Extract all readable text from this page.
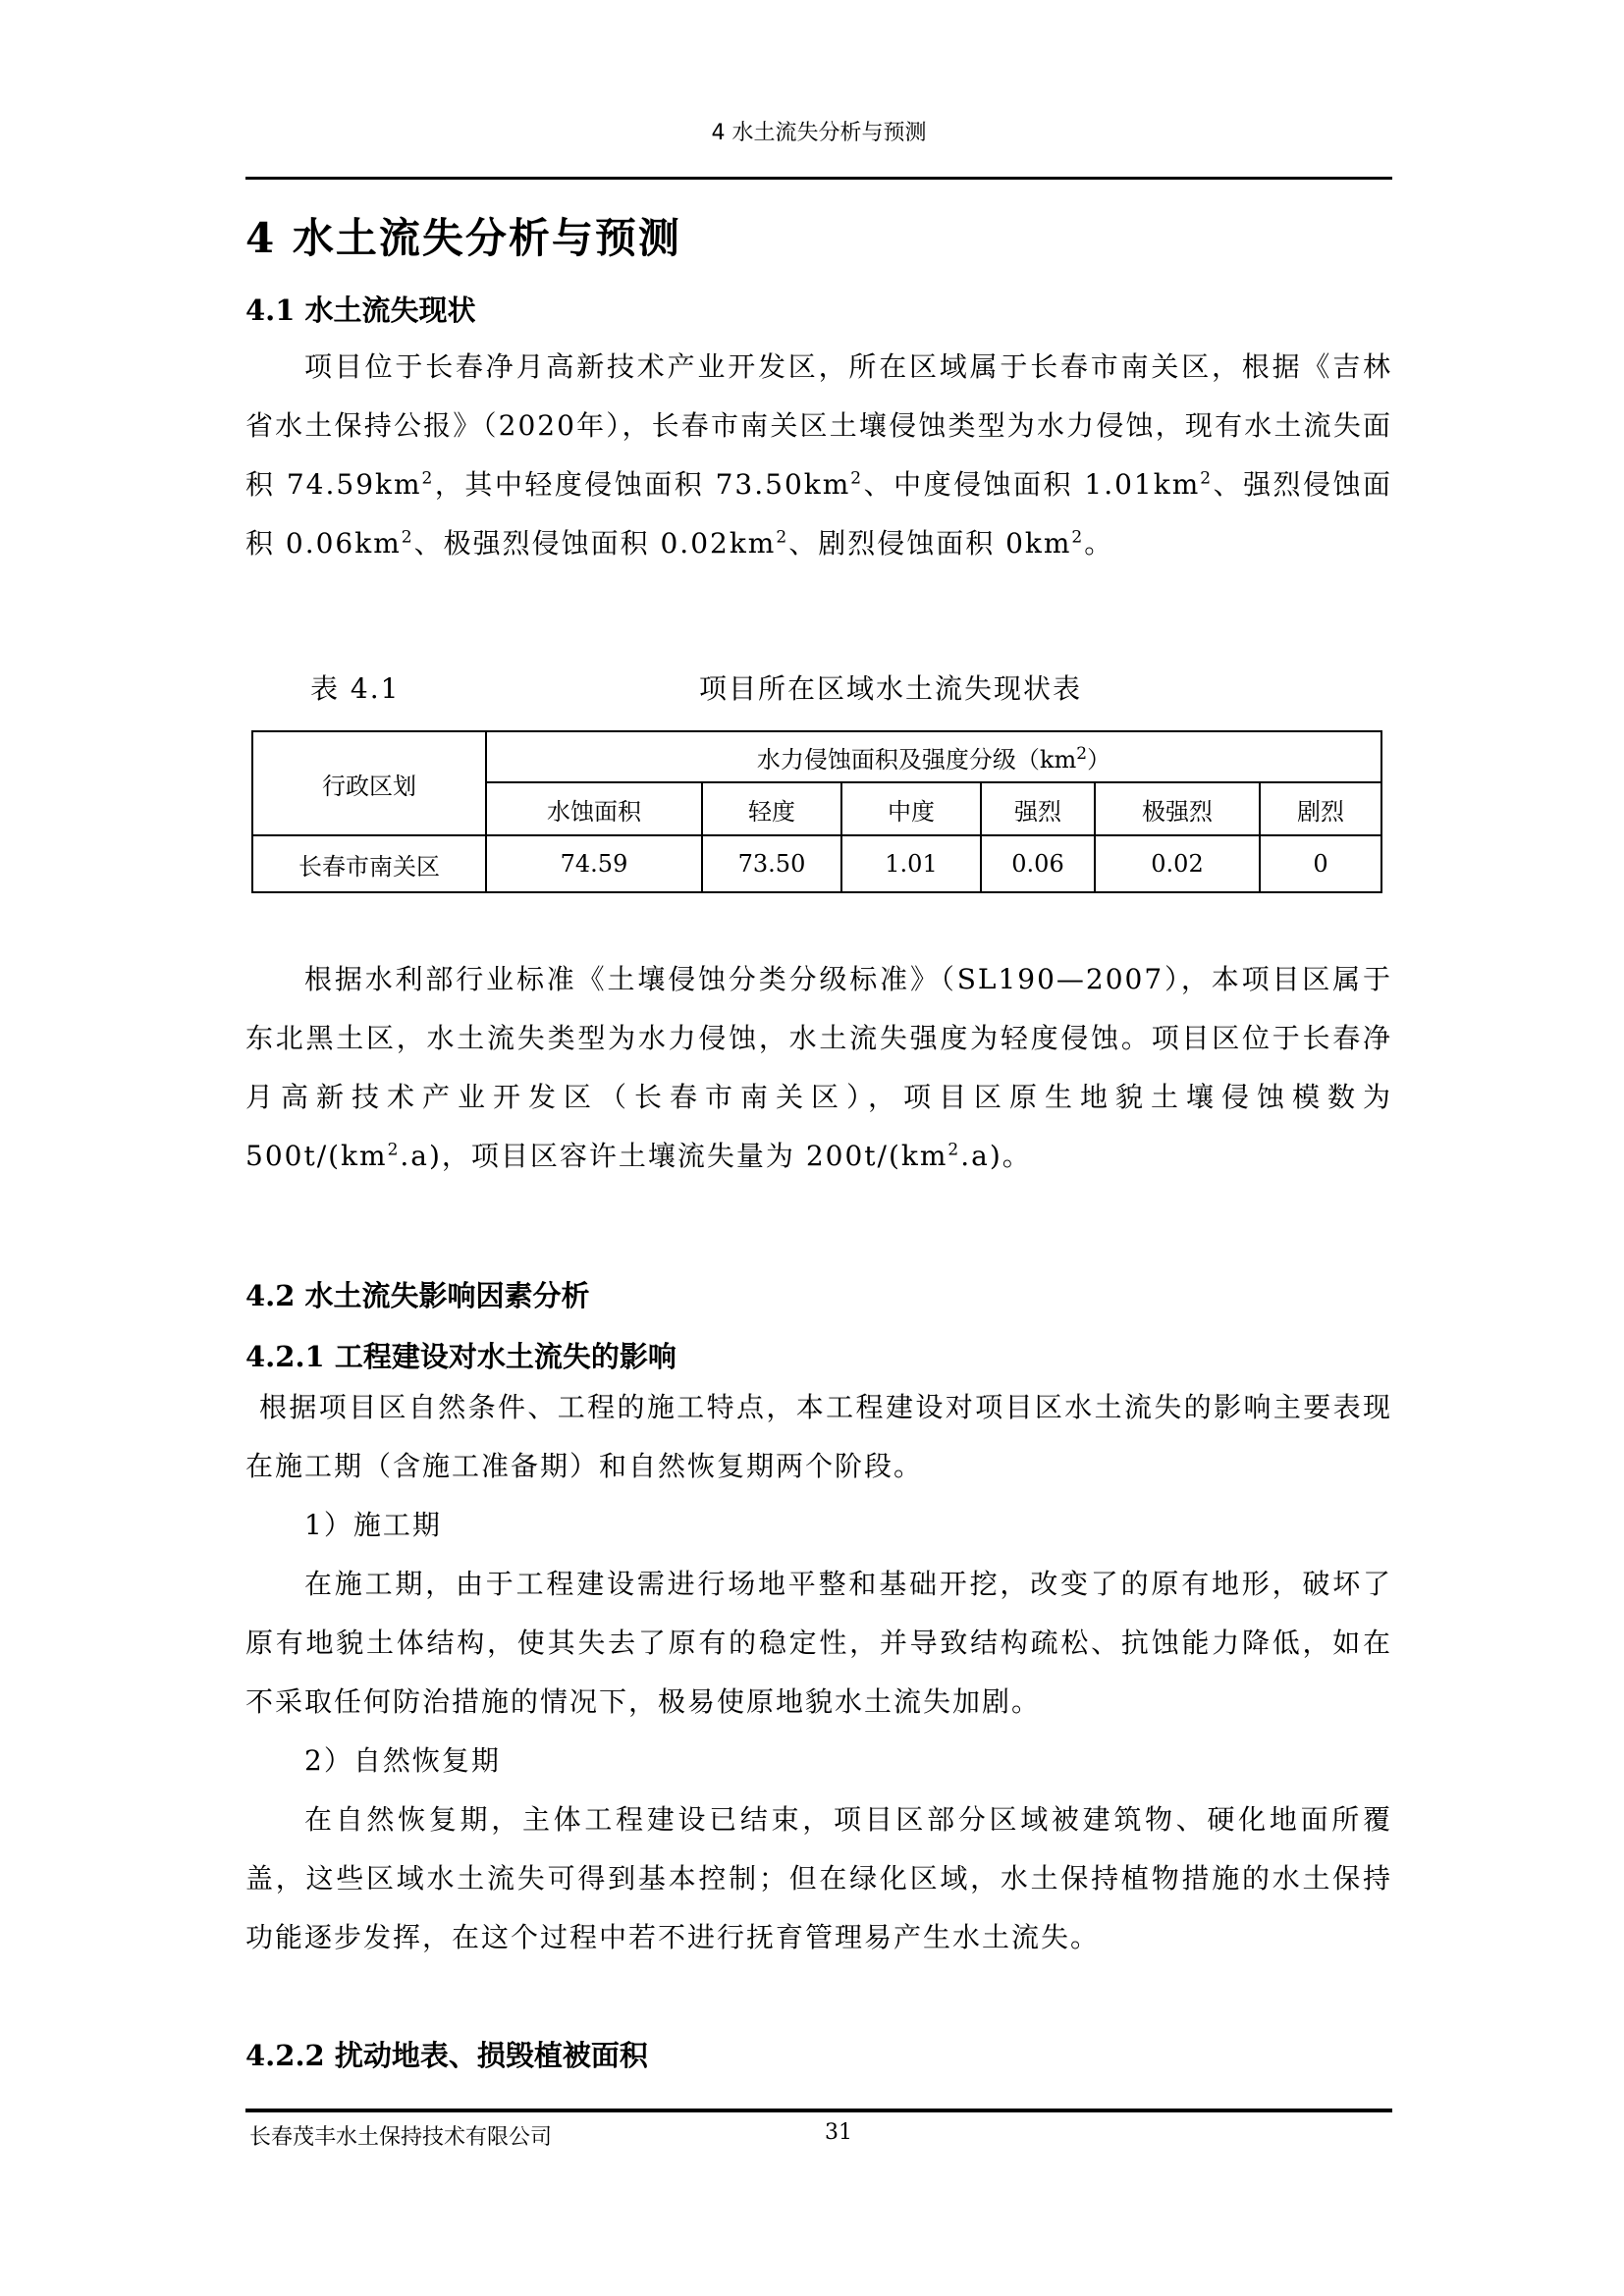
4 水土流失分析与预测
4 水土流失分析与预测
4.1 水土流失现状

项目位于长春净月高新技术产业开发区，所在区域属于长春市南关区，根据《吉林省水土保持公报》（2020年），长春市南关区土壤侵蚀类型为水力侵蚀，现有水土流失面积 $74.59km^2$，其中轻度侵蚀面积 $73.50km^2$、中度侵蚀面积 $1.01km^2$、强烈侵蚀面积 $0.06km^2$、极强烈侵蚀面积 $0.02km^2$、剧烈侵蚀面积 $0km^2$。

表 4.1	项目所在区域水土流失现状表
行政区划	水力侵蚀面积及强度分级$(km^2)$					
	水蚀面积	轻度	中度	强烈	极强烈	剧烈
长春市南关区	74.59	73.50	1.01	0.06	0.02	0

根据水利部行业标准《土壤侵蚀分类分级标准》（SL190—2007），本项目区属于东北黑土区，水土流失类型为水力侵蚀，水土流失强度为轻度侵蚀。项目区位于长春净月高新技术产业开发区（长春市南关区），项目区原生地貌土壤侵蚀模数为 $500t/(km^2.a)$，项目区容许土壤流失量为 $200t/(km^2.a)$。

4.2 水土流失影响因素分析
4.2.1 工程建设对水土流失的影响

根据项目区自然条件、工程的施工特点，本工程建设对项目区水土流失的影响主要表现在施工期（含施工准备期）和自然恢复期两个阶段。

1）施工期

在施工期，由于工程建设需进行场地平整和基础开挖，改变了的原有地形，破坏了原有地貌土体结构，使其失去了原有的稳定性，并导致结构疏松、抗蚀能力降低，如在不采取任何防治措施的情况下，极易使原地貌水土流失加剧。

2）自然恢复期

在自然恢复期，主体工程建设已结束，项目区部分区域被建筑物、硬化地面所覆盖，这些区域水土流失可得到基本控制；但在绿化区域，水土保持植物措施的水土保持功能逐步发挥，在这个过程中若不进行抚育管理易产生水土流失。

4.2.2 扰动地表、损毁植被面积
长春茂丰水土保持技术有限公司	31
